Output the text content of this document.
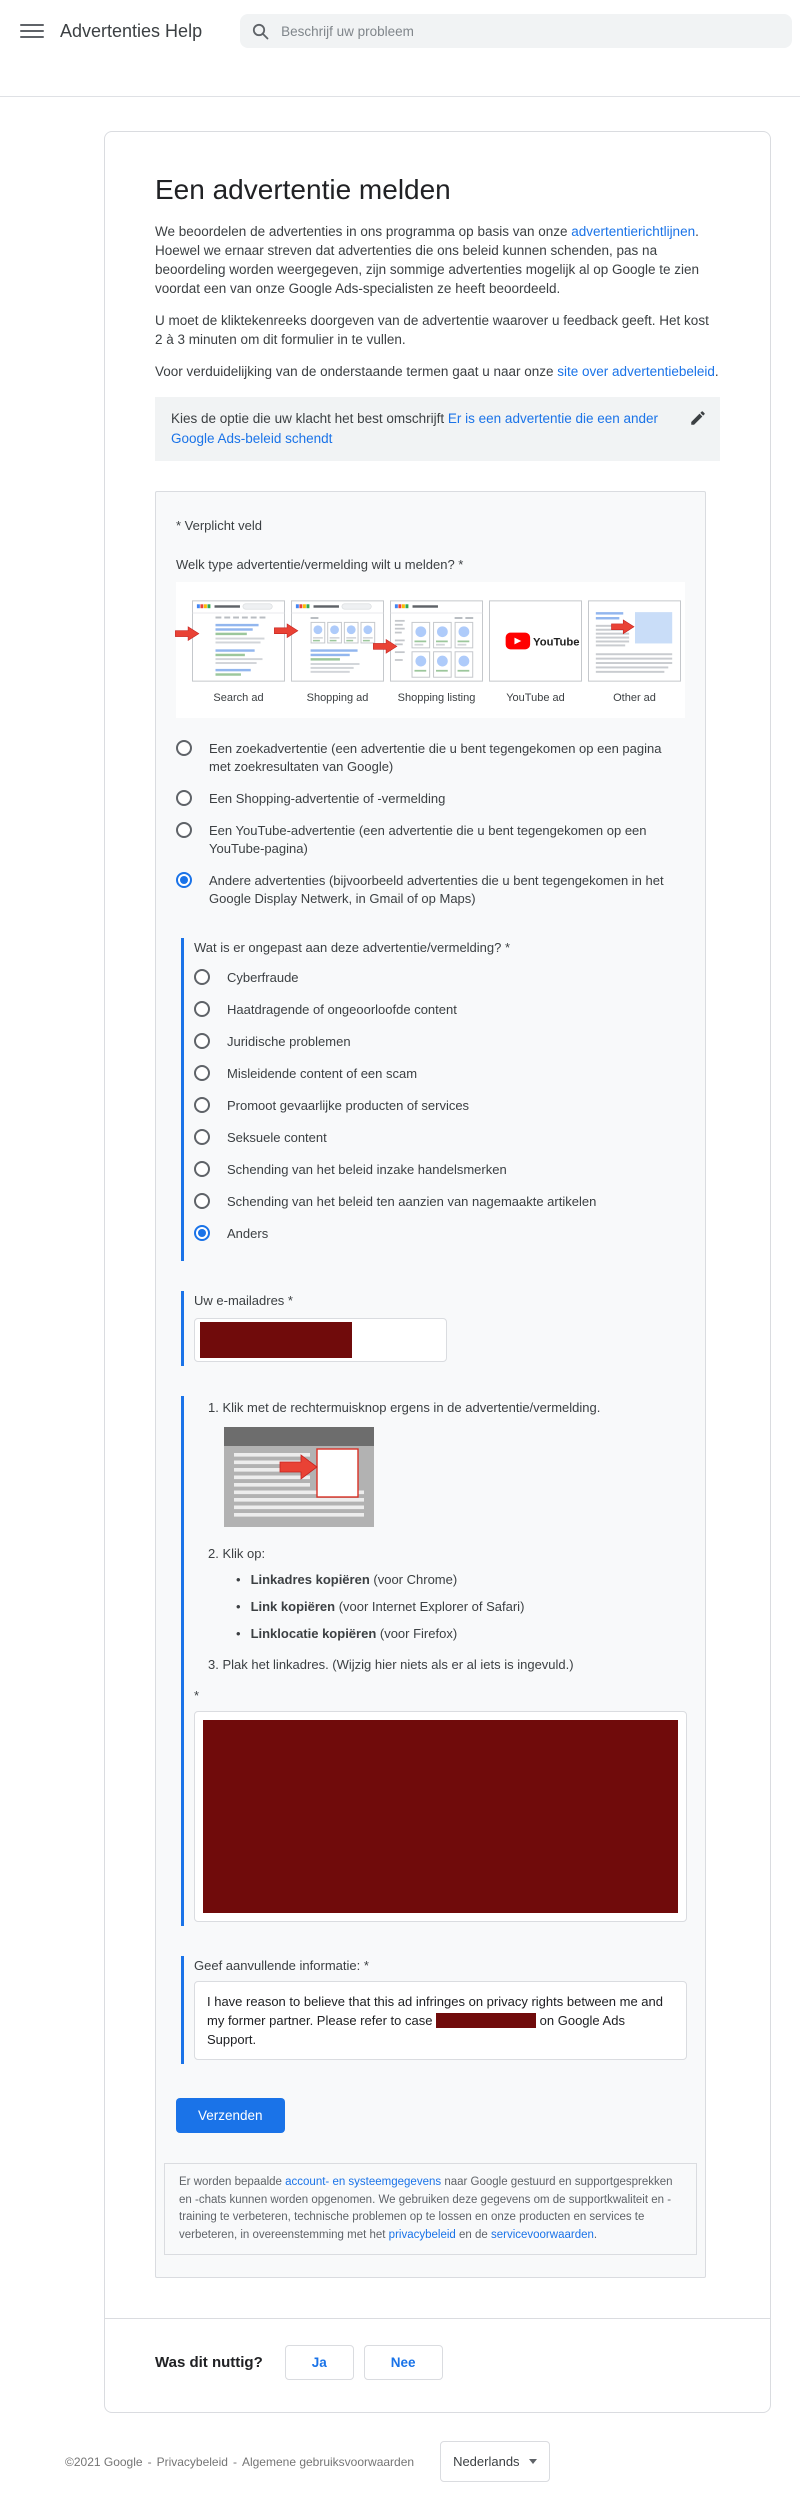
Advertenties Help
Beschrijf uw probleem
Een advertentie melden

We beoordelen de advertenties in ons programma op basis van onze advertentierichtlijnen. Hoewel we ernaar streven dat advertenties die ons beleid kunnen schenden, pas na beoordeling worden weergegeven, zijn sommige advertenties mogelijk al op Google te zien voordat een van onze Google Ads-specialisten ze heeft beoordeeld.

U moet de kliktekenreeks doorgeven van de advertentie waarover u feedback geeft. Het kost 2 à 3 minuten om dit formulier in te vullen.

Voor verduidelijking van de onderstaande termen gaat u naar onze site over advertentiebeleid.

Kies de optie die uw klacht het best omschrijft Er is een advertentie die een ander Google Ads-beleid schendt

* Verplicht veld

Welk type advertentie/vermelding wilt u melden? *

Search ad	Shopping ad	Shopping listing
YouTube
YouTube ad	Other ad
Een zoekadvertentie (een advertentie die u bent tegengekomen op een pagina met zoekresultaten van Google)
Een Shopping-advertentie of -vermelding
Een YouTube-advertentie (een advertentie die u bent tegengekomen op een YouTube-pagina)
Andere advertenties (bijvoorbeeld advertenties die u bent tegengekomen in het Google Display Netwerk, in Gmail of op Maps)

Wat is er ongepast aan deze advertentie/vermelding? *

Cyberfraude
Haatdragende of ongeoorloofde content
Juridische problemen
Misleidende content of een scam
Promoot gevaarlijke producten of services
Seksuele content
Schending van het beleid inzake handelsmerken
Schending van het beleid ten aanzien van nagemaakte artikelen
Anders

Uw e-mailadres *

1. Klik met de rechtermuisknop ergens in de advertentie/vermelding.

2. Klik op:

• Linkadres kopiëren (voor Chrome)
• Link kopiëren (voor Internet Explorer of Safari)
• Linklocatie kopiëren (voor Firefox)

3. Plak het linkadres. (Wijzig hier niets als er al iets is ingevuld.)

*

Geef aanvullende informatie: *

I have reason to believe that this ad infringes on privacy rights between me and my former partner. Please refer to case	on Google Ads Support.
Verzenden
Er worden bepaalde account- en systeemgegevens naar Google gestuurd en supportgesprekken en -chats kunnen worden opgenomen. We gebruiken deze gegevens om de supportkwaliteit en -training te verbeteren, technische problemen op te lossen en onze producten en services te verbeteren, in overeenstemming met het privacybeleid en de servicevoorwaarden.
Was dit nuttig?	Ja	Nee
©2021 Google - Privacybeleid - Algemene gebruiksvoorwaarden	Nederlands
